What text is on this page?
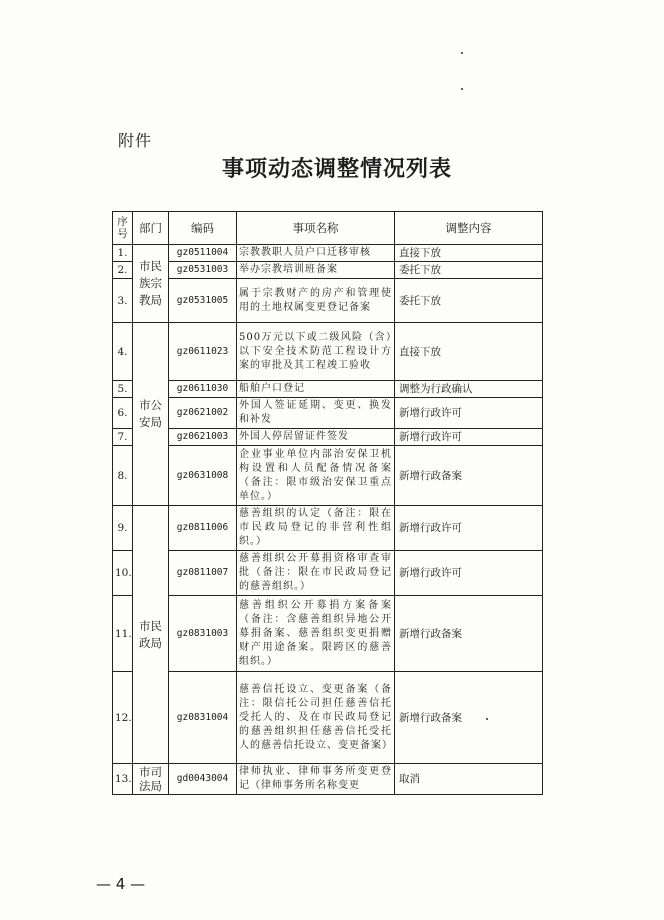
附件
事项动态调整情况列表
序号	部门	编码	事项名称	调整内容
1.	市民族宗教局	gz0511004	宗教教职人员户口迁移审核	直接下放
2.		gz0531003	举办宗教培训班备案	委托下放
3.		gz0531005	属于宗教财产的房产和管理使用的土地权属变更登记备案	委托下放
4.	市公安局	gz0611023	500万元以下或二级风险（含）以下安全技术防范工程设计方案的审批及其工程竣工验收	直接下放
5.		gz0611030	船舶户口登记	调整为行政确认
6.		gz0621002	外国人签证延期、变更、换发和补发	新增行政许可
7.		gz0621003	外国人停居留证件签发	新增行政许可
8.		gz0631008	企业事业单位内部治安保卫机构设置和人员配备情况备案（备注：限市级治安保卫重点单位。）	新增行政备案
9.	市民政局	gz0811006	慈善组织的认定（备注：限在市民政局登记的非营利性组织。）	新增行政许可
10.		gz0811007	慈善组织公开募捐资格审查审批（备注：限在市民政局登记的慈善组织。）	新增行政许可
11.		gz0831003	慈善组织公开募捐方案备案（备注：含慈善组织异地公开募捐备案、慈善组织变更捐赠财产用途备案。限跨区的慈善组织。）	新增行政备案
12.		gz0831004	慈善信托设立、变更备案（备注：限信托公司担任慈善信托受托人的、及在市民政局登记的慈善组织担任慈善信托受托人的慈善信托设立、变更备案）	新增行政备案
13.	市司法局	gd0043004	律师执业、律师事务所变更登记（律师事务所名称变更	取消
— 4 —
